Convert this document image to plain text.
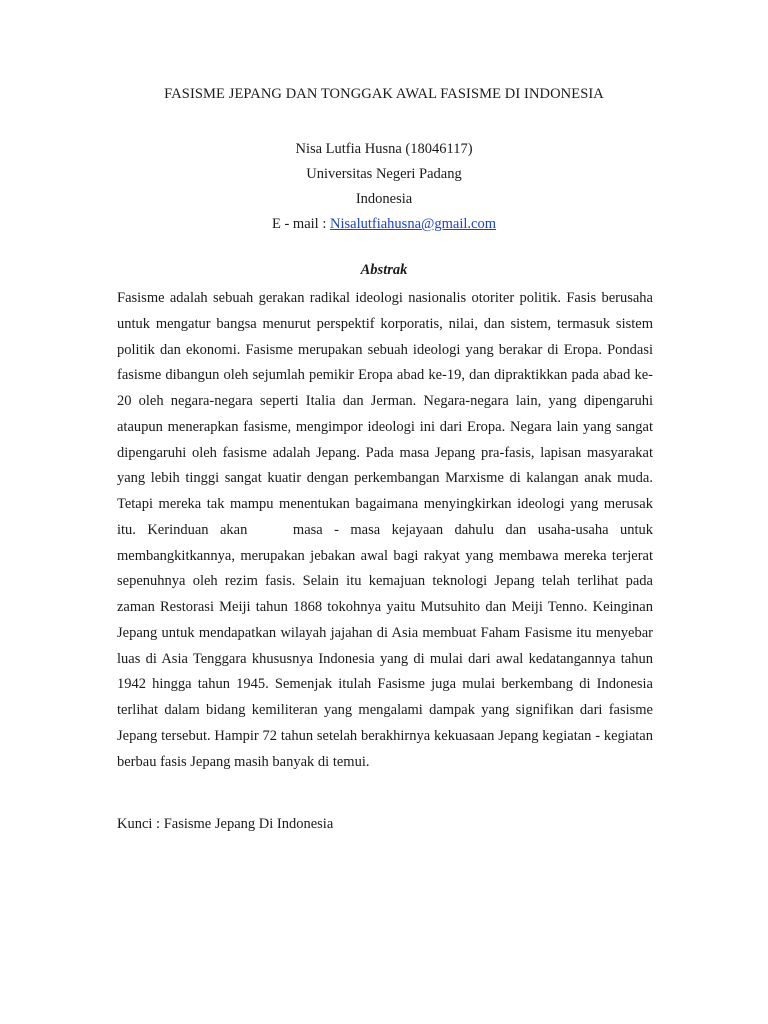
FASISME JEPANG DAN TONGGAK AWAL FASISME DI INDONESIA
Nisa Lutfia Husna (18046117)
Universitas Negeri Padang
Indonesia
E - mail : Nisalutfiahusna@gmail.com
Abstrak

Fasisme adalah sebuah gerakan radikal ideologi nasionalis otoriter politik. Fasis berusaha untuk mengatur bangsa menurut perspektif korporatis, nilai, dan sistem, termasuk sistem politik dan ekonomi. Fasisme merupakan sebuah ideologi yang berakar di Eropa. Pondasi fasisme dibangun oleh sejumlah pemikir Eropa abad ke-19, dan dipraktikkan pada abad ke-20 oleh negara-negara seperti Italia dan Jerman. Negara-negara lain, yang dipengaruhi ataupun menerapkan fasisme, mengimpor ideologi ini dari Eropa. Negara lain yang sangat dipengaruhi oleh fasisme adalah Jepang. Pada masa Jepang pra-fasis, lapisan masyarakat yang lebih tinggi sangat kuatir dengan perkembangan Marxisme di kalangan anak muda. Tetapi mereka tak mampu menentukan bagaimana menyingkirkan ideologi yang merusak itu. Kerinduan akan    masa - masa kejayaan dahulu dan usaha-usaha untuk membangkitkannya, merupakan jebakan awal bagi rakyat yang membawa mereka terjerat sepenuhnya oleh rezim fasis. Selain itu kemajuan teknologi Jepang telah terlihat pada zaman Restorasi Meiji tahun 1868 tokohnya yaitu Mutsuhito dan Meiji Tenno. Keinginan Jepang untuk mendapatkan wilayah jajahan di Asia membuat Faham Fasisme itu menyebar luas di Asia Tenggara khususnya Indonesia yang di mulai dari awal kedatangannya tahun 1942 hingga tahun 1945. Semenjak itulah Fasisme juga mulai berkembang di Indonesia terlihat dalam bidang kemiliteran yang mengalami dampak yang signifikan dari fasisme Jepang tersebut. Hampir 72 tahun setelah berakhirnya kekuasaan Jepang kegiatan - kegiatan berbau fasis Jepang masih banyak di temui.

Kunci : Fasisme Jepang Di Indonesia
